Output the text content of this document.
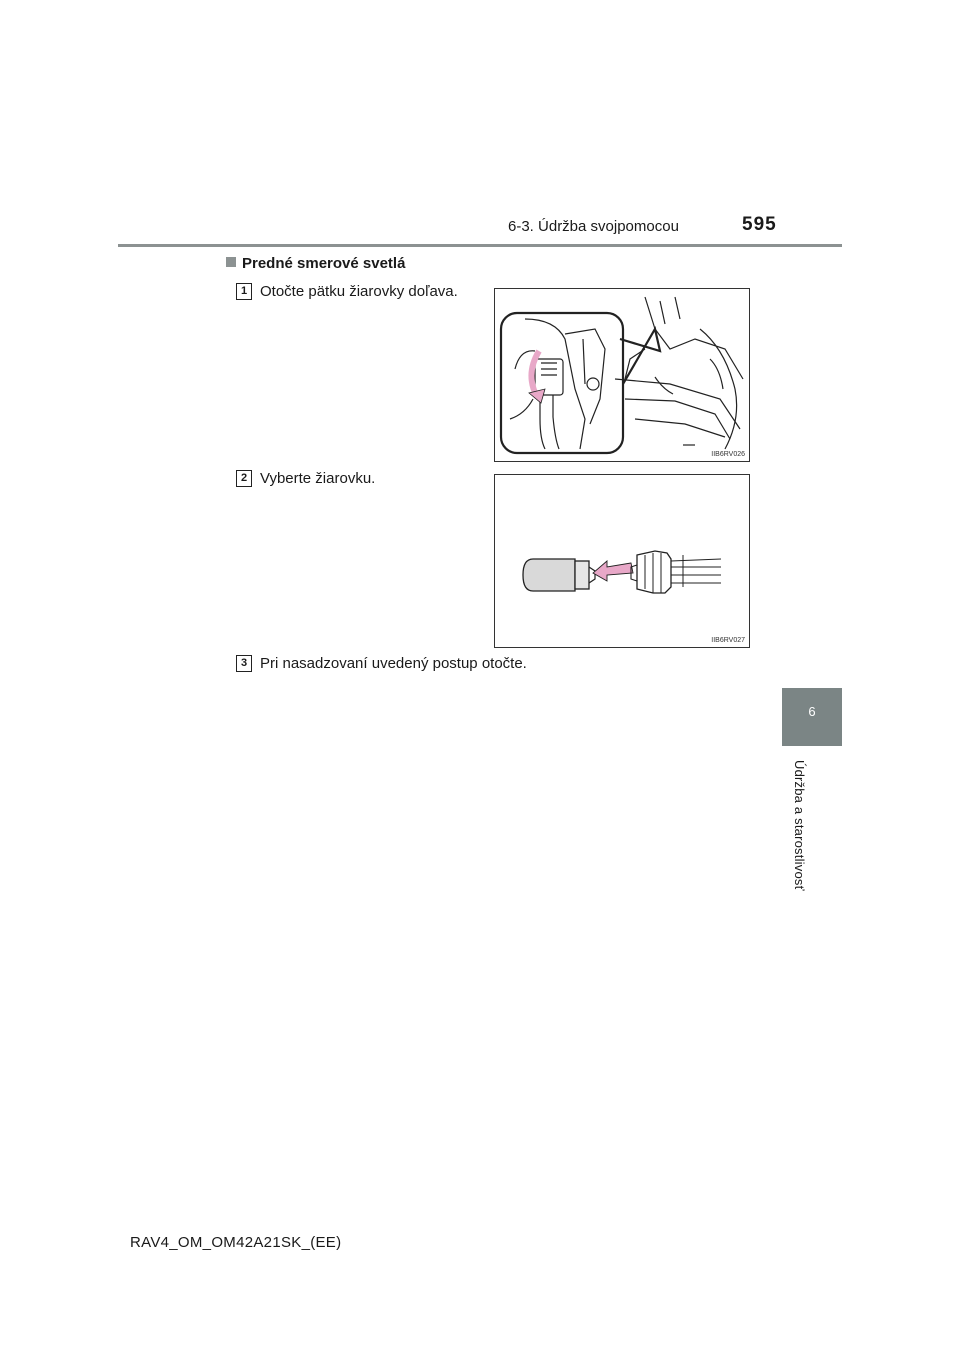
6-3. Údržba svojpomocou	595
6
Údržba a starostlivosť
Predné smerové svetlá
1 Otočte pätku žiarovky doľava.
IIB6RV026
2 Vyberte žiarovku.
IIB6RV027
3 Pri nasadzovaní uvedený postup otočte.
RAV4_OM_OM42A21SK_(EE)
